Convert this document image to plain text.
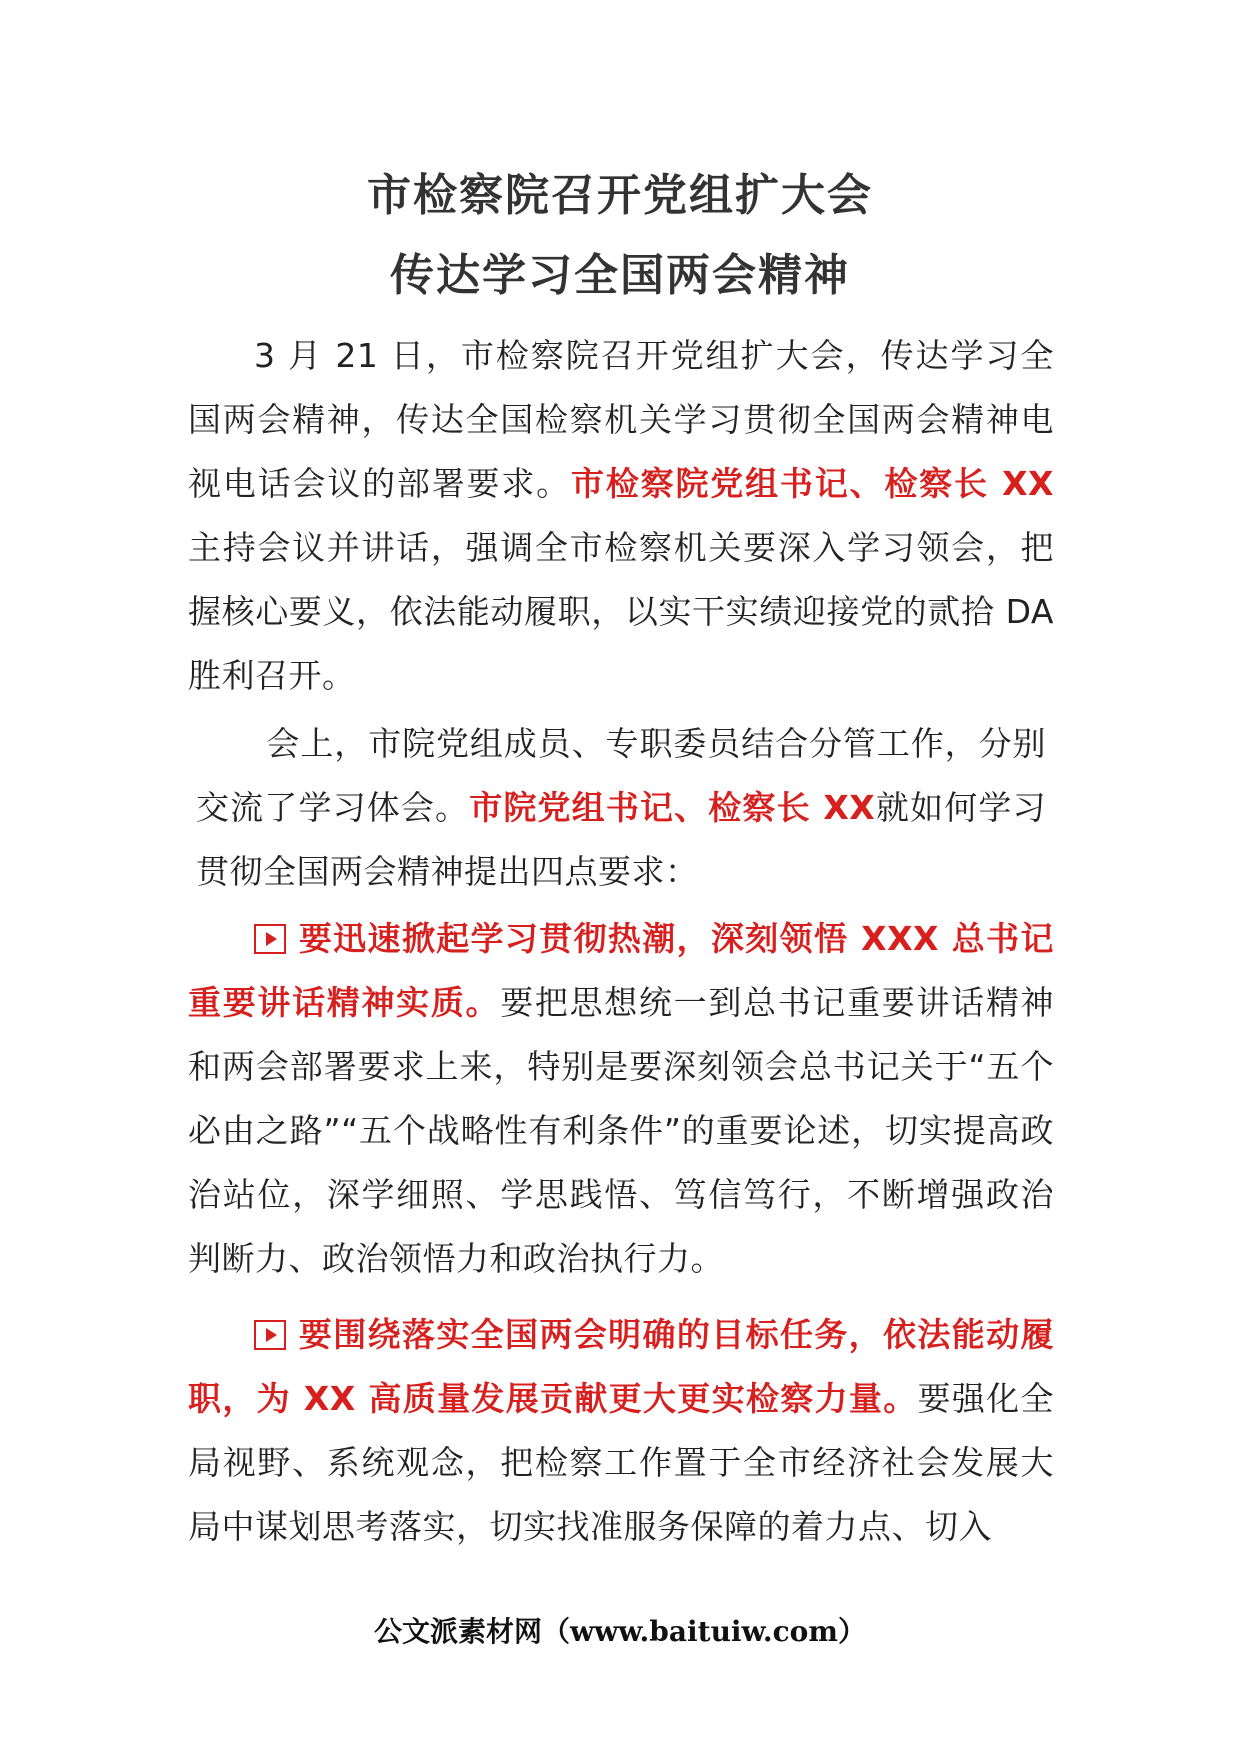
市检察院召开党组扩大会
传达学习全国两会精神
3 月 21 日，市检察院召开党组扩大会，传达学习全国两会精神，传达全国检察机关学习贯彻全国两会精神电视电话会议的部署要求。市检察院党组书记、检察长 XX主持会议并讲话，强调全市检察机关要深入学习领会，把握核心要义，依法能动履职，以实干实绩迎接党的贰拾 DA 胜利召开。
会上，市院党组成员、专职委员结合分管工作，分别交流了学习体会。市院党组书记、检察长 XX就如何学习贯彻全国两会精神提出四点要求：
要迅速掀起学习贯彻热潮，深刻领悟 XXX 总书记重要讲话精神实质。要把思想统一到总书记重要讲话精神和两会部署要求上来，特别是要深刻领会总书记关于“五个必由之路”“五个战略性有利条件”的重要论述，切实提高政治站位，深学细照、学思践悟、笃信笃行，不断增强政治判断力、政治领悟力和政治执行力。
要围绕落实全国两会明确的目标任务，依法能动履职，为 XX 高质量发展贡献更大更实检察力量。要强化全局视野、系统观念，把检察工作置于全市经济社会发展大局中谋划思考落实，切实找准服务保障的着力点、切入
公文派素材网（www.baituiw.com）
